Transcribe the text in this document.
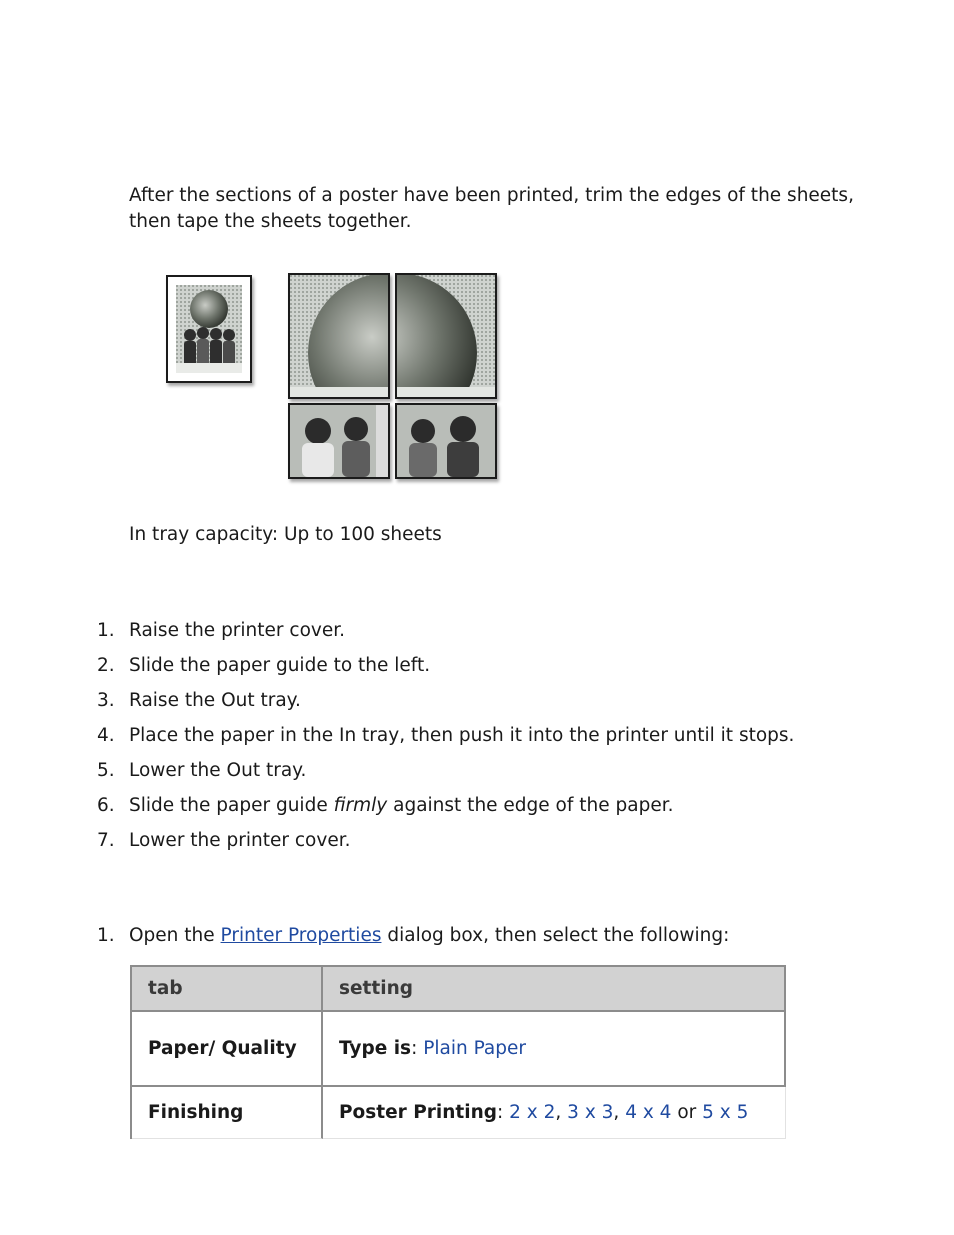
After the sections of a poster have been printed, trim the edges of the sheets, then tape the sheets together.

In tray capacity: Up to 100 sheets

1. Raise the printer cover.
2. Slide the paper guide to the left.
3. Raise the Out tray.
4. Place the paper in the In tray, then push it into the printer until it stops.
5. Lower the Out tray.
6. Slide the paper guide firmly against the edge of the paper.
7. Lower the printer cover.
1. Open the Printer Properties dialog box, then select the following:
tab	setting
Paper/ Quality	Type is: Plain Paper
Finishing	Poster Printing: 2 x 2, 3 x 3, 4 x 4 or 5 x 5
